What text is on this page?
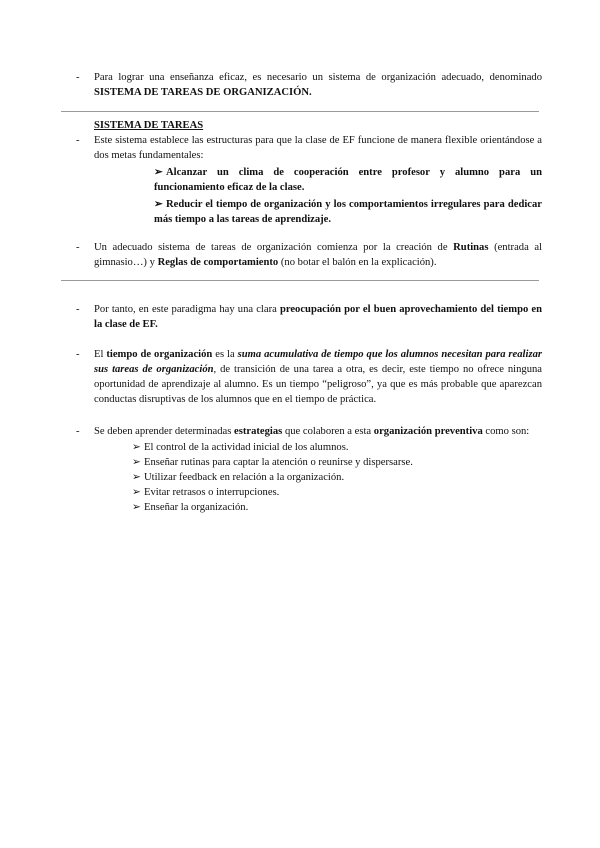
-	Para lograr una enseñanza eficaz, es necesario un sistema de organización adecuado, denominado SISTEMA DE TAREAS DE ORGANIZACIÓN.
SISTEMA DE TAREAS
-	Este sistema establece las estructuras para que la clase de EF funcione de manera flexible orientándose a dos metas fundamentales:
➢ Alcanzar un clima de cooperación entre profesor y alumno para un funcionamiento eficaz de la clase.
➢ Reducir el tiempo de organización y los comportamientos irregulares para dedicar más tiempo a las tareas de aprendizaje.
-	Un adecuado sistema de tareas de organización comienza por la creación de Rutinas (entrada al gimnasio…) y Reglas de comportamiento (no botar el balón en la explicación).
-	Por tanto, en este paradigma hay una clara preocupación por el buen aprovechamiento del tiempo en la clase de EF.
-	El tiempo de organización es la suma acumulativa de tiempo que los alumnos necesitan para realizar sus tareas de organización, de transición de una tarea a otra, es decir, este tiempo no ofrece ninguna oportunidad de aprendizaje al alumno. Es un tiempo “peligroso”, ya que es más probable que aparezcan conductas disruptivas de los alumnos que en el tiempo de práctica.
-	Se deben aprender determinadas estrategias que colaboren a esta organización preventiva como son:
➢ El control de la actividad inicial de los alumnos.
➢ Enseñar rutinas para captar la atención o reunirse y dispersarse.
➢ Utilizar feedback en relación a la organización.
➢ Evitar retrasos o interrupciones.
➢ Enseñar la organización.
